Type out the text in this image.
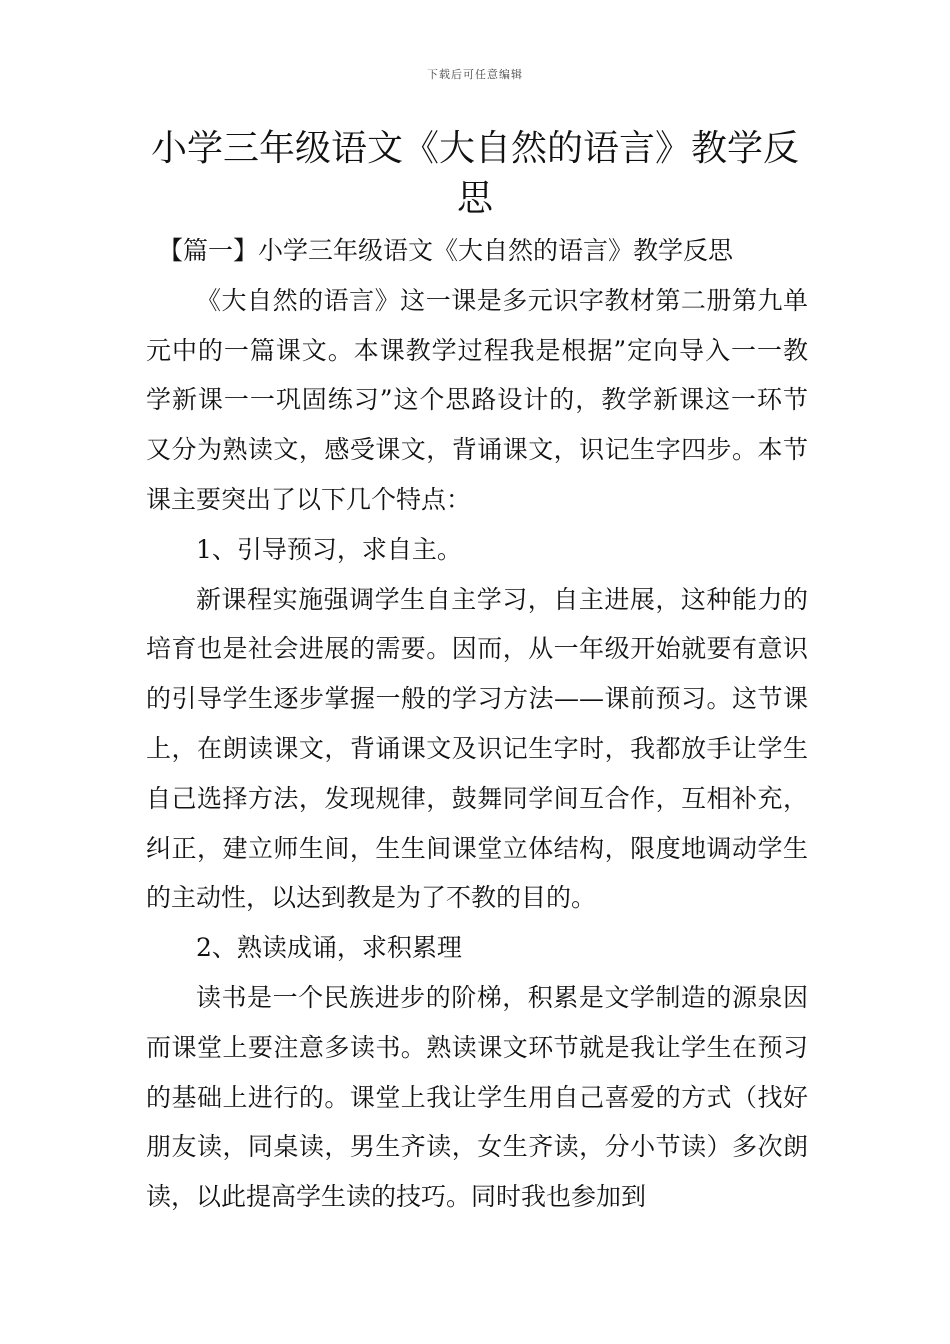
下载后可任意编辑
小学三年级语文《大自然的语言》教学反思

【篇一】小学三年级语文《大自然的语言》教学反思

《大自然的语言》这一课是多元识字教材第二册第九单元中的一篇课文。本课教学过程我是根据”定向导入一一教学新课一一巩固练习”这个思路设计的，教学新课这一环节又分为熟读文，感受课文，背诵课文，识记生字四步。本节课主要突出了以下几个特点：

1、引导预习，求自主。

新课程实施强调学生自主学习，自主进展，这种能力的培育也是社会进展的需要。因而，从一年级开始就要有意识的引导学生逐步掌握一般的学习方法——课前预习。这节课上，在朗读课文，背诵课文及识记生字时，我都放手让学生自己选择方法，发现规律，鼓舞同学间互合作，互相补充，纠正，建立师生间，生生间课堂立体结构，限度地调动学生的主动性，以达到教是为了不教的目的。

2、熟读成诵，求积累理

读书是一个民族进步的阶梯，积累是文学制造的源泉因而课堂上要注意多读书。熟读课文环节就是我让学生在预习的基础上进行的。课堂上我让学生用自己喜爱的方式（找好朋友读，同桌读，男生齐读，女生齐读，分小节读）多次朗读，以此提高学生读的技巧。同时我也参加到
